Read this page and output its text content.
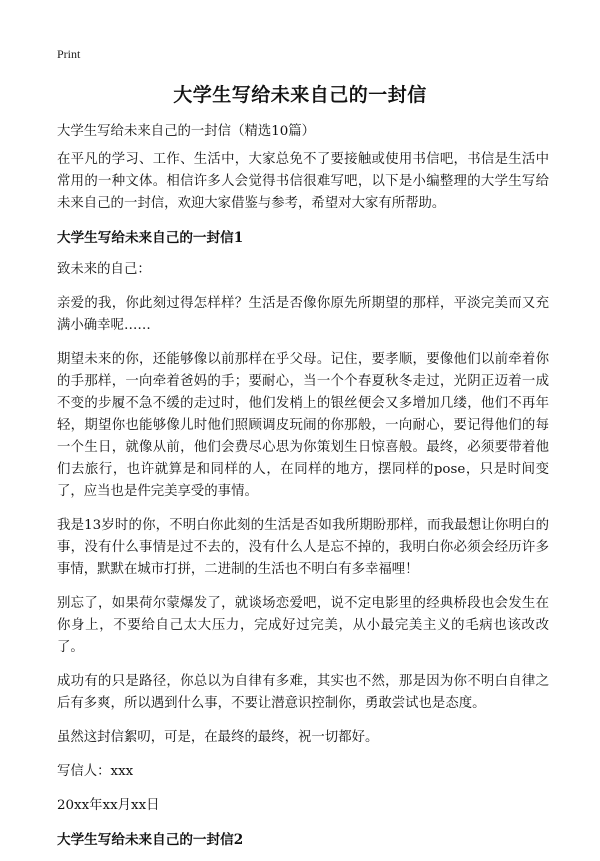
Print
大学生写给未来自己的一封信

大学生写给未来自己的一封信（精选10篇）

在平凡的学习、工作、生活中，大家总免不了要接触或使用书信吧，书信是生活中常用的一种文体。相信许多人会觉得书信很难写吧，以下是小编整理的大学生写给未来自己的一封信，欢迎大家借鉴与参考，希望对大家有所帮助。

大学生写给未来自己的一封信1

致未来的自己：

亲爱的我，你此刻过得怎样样？生活是否像你原先所期望的那样，平淡完美而又充满小确幸呢……

期望未来的你，还能够像以前那样在乎父母。记住，要孝顺，要像他们以前牵着你的手那样，一向牵着爸妈的手；要耐心，当一个个春夏秋冬走过，光阴正迈着一成不变的步履不急不缓的走过时，他们发梢上的银丝便会又多增加几缕，他们不再年轻，期望你也能够像儿时他们照顾调皮玩闹的你那般，一向耐心，要记得他们的每一个生日，就像从前，他们会费尽心思为你策划生日惊喜般。最终，必须要带着他们去旅行，也许就算是和同样的人，在同样的地方，摆同样的pose，只是时间变了，应当也是件完美享受的事情。

我是13岁时的你，不明白你此刻的生活是否如我所期盼那样，而我最想让你明白的事，没有什么事情是过不去的，没有什么人是忘不掉的，我明白你必须会经历许多事情，默默在城市打拼，二进制的生活也不明白有多幸福哩！

别忘了，如果荷尔蒙爆发了，就谈场恋爱吧，说不定电影里的经典桥段也会发生在你身上，不要给自己太大压力，完成好过完美，从小最完美主义的毛病也该改改了。

成功有的只是路径，你总以为自律有多难，其实也不然，那是因为你不明白自律之后有多爽，所以遇到什么事，不要让潜意识控制你，勇敢尝试也是态度。

虽然这封信絮叨，可是，在最终的最终，祝一切都好。

写信人：xxx

20xx年xx月xx日

大学生写给未来自己的一封信2
